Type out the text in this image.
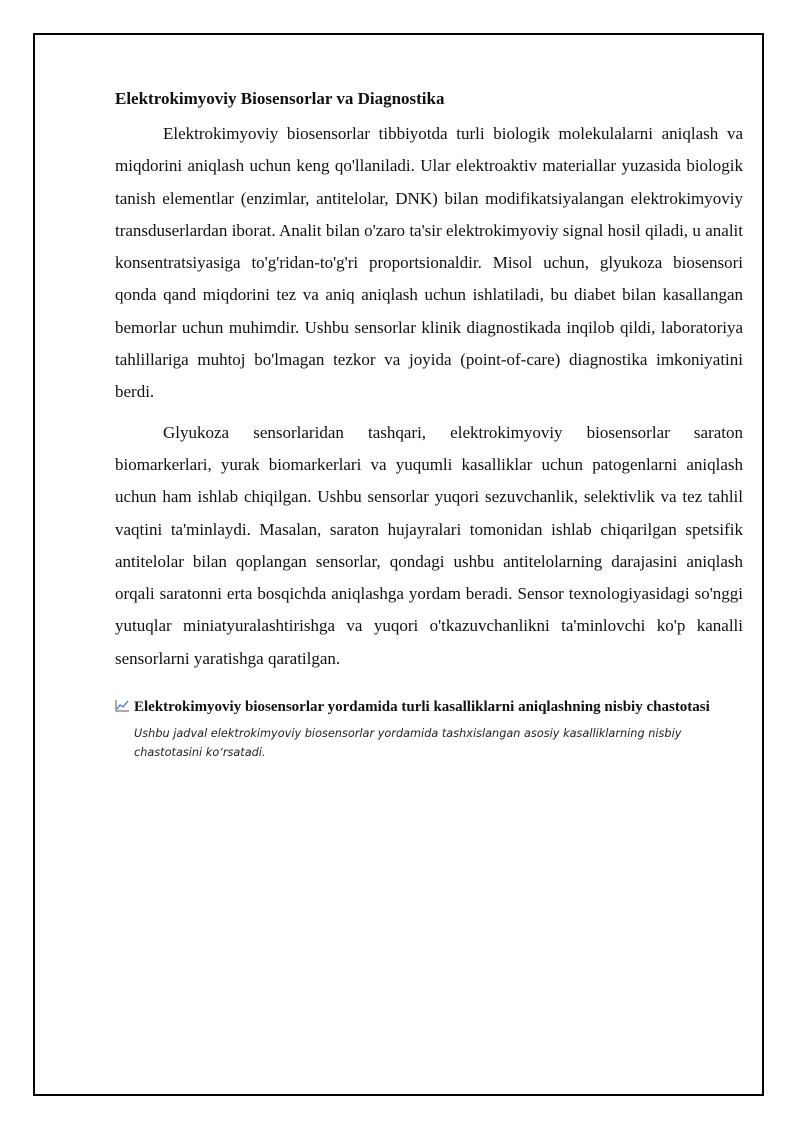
Elektrokimyoviy Biosensorlar va Diagnostika

Elektrokimyoviy biosensorlar tibbiyotda turli biologik molekulalarni aniqlash va miqdorini aniqlash uchun keng qo'llaniladi. Ular elektroaktiv materiallar yuzasida biologik tanish elementlar (enzimlar, antitelolar, DNK) bilan modifikatsiyalangan elektrokimyoviy transduserlardan iborat. Analit bilan o'zaro ta'sir elektrokimyoviy signal hosil qiladi, u analit konsentratsiyasiga to'g'ridan-to'g'ri proportsionaldir. Misol uchun, glyukoza biosensori qonda qand miqdorini tez va aniq aniqlash uchun ishlatiladi, bu diabet bilan kasallangan bemorlar uchun muhimdir. Ushbu sensorlar klinik diagnostikada inqilob qildi, laboratoriya tahlillariga muhtoj bo'lmagan tezkor va joyida (point-of-care) diagnostika imkoniyatini berdi.

Glyukoza sensorlaridan tashqari, elektrokimyoviy biosensorlar saraton biomarkerlari, yurak biomarkerlari va yuqumli kasalliklar uchun patogenlarni aniqlash uchun ham ishlab chiqilgan. Ushbu sensorlar yuqori sezuvchanlik, selektivlik va tez tahlil vaqtini ta'minlaydi. Masalan, saraton hujayralari tomonidan ishlab chiqarilgan spetsifik antitelolar bilan qoplangan sensorlar, qondagi ushbu antitelolarning darajasini aniqlash orqali saratonni erta bosqichda aniqlashga yordam beradi. Sensor texnologiyasidagi so'nggi yutuqlar miniatyuralashtirishga va yuqori o'tkazuvchanlikni ta'minlovchi ko'p kanalli sensorlarni yaratishga qaratilgan.

Elektrokimyoviy biosensorlar yordamida turli kasalliklarni aniqlashning nisbiy chastotasi
Ushbu jadval elektrokimyoviy biosensorlar yordamida tashxislangan asosiy kasalliklarning nisbiy chastotasini koʻrsatadi.
